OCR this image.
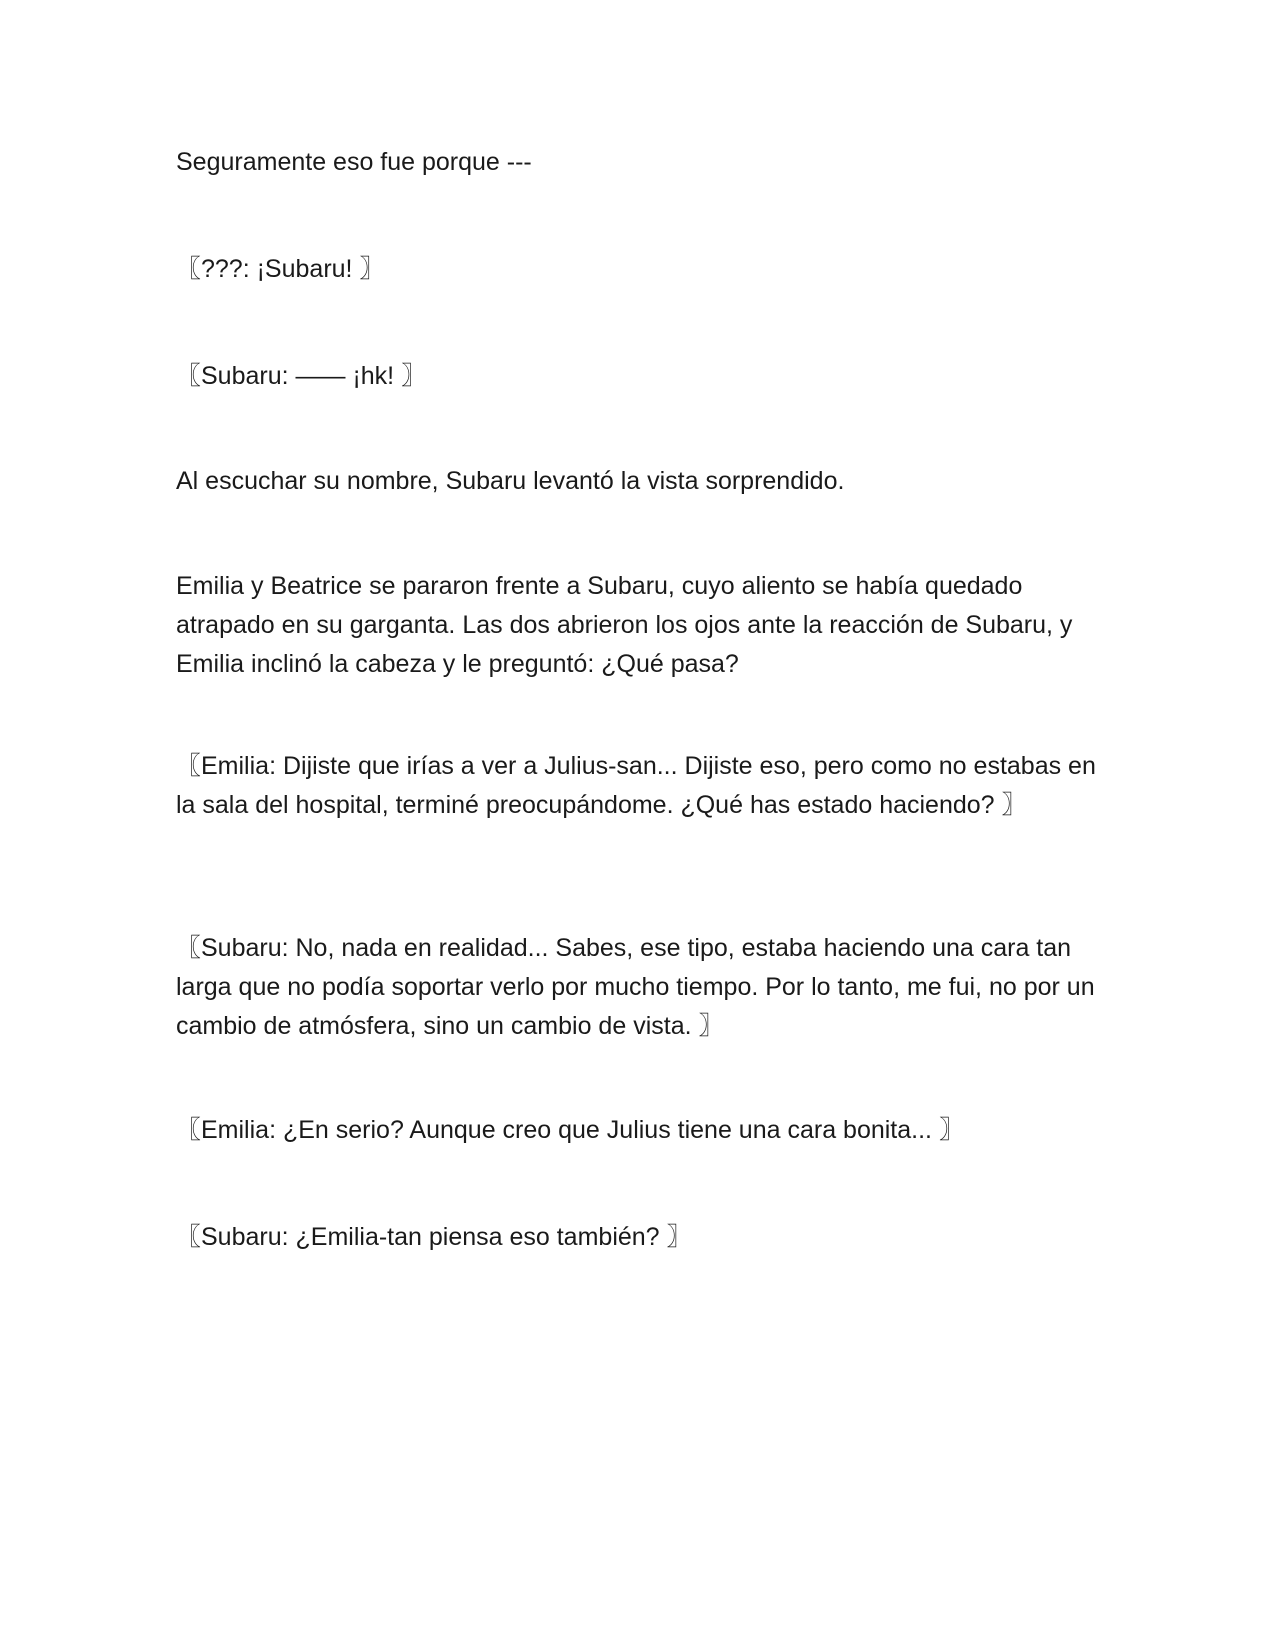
Seguramente eso fue porque ---

〖???: ¡Subaru! 〗

〖Subaru: —— ¡hk! 〗

Al escuchar su nombre, Subaru levantó la vista sorprendido.

Emilia y Beatrice se pararon frente a Subaru, cuyo aliento se había quedado atrapado en su garganta. Las dos abrieron los ojos ante la reacción de Subaru, y Emilia inclinó la cabeza y le preguntó: ¿Qué pasa?

〖Emilia: Dijiste que irías a ver a Julius-san... Dijiste eso, pero como no estabas en la sala del hospital, terminé preocupándome. ¿Qué has estado haciendo? 〗

〖Subaru: No, nada en realidad... Sabes, ese tipo, estaba haciendo una cara tan larga que no podía soportar verlo por mucho tiempo. Por lo tanto, me fui, no por un cambio de atmósfera, sino un cambio de vista. 〗

〖Emilia: ¿En serio? Aunque creo que Julius tiene una cara bonita... 〗

〖Subaru: ¿Emilia-tan piensa eso también? 〗
